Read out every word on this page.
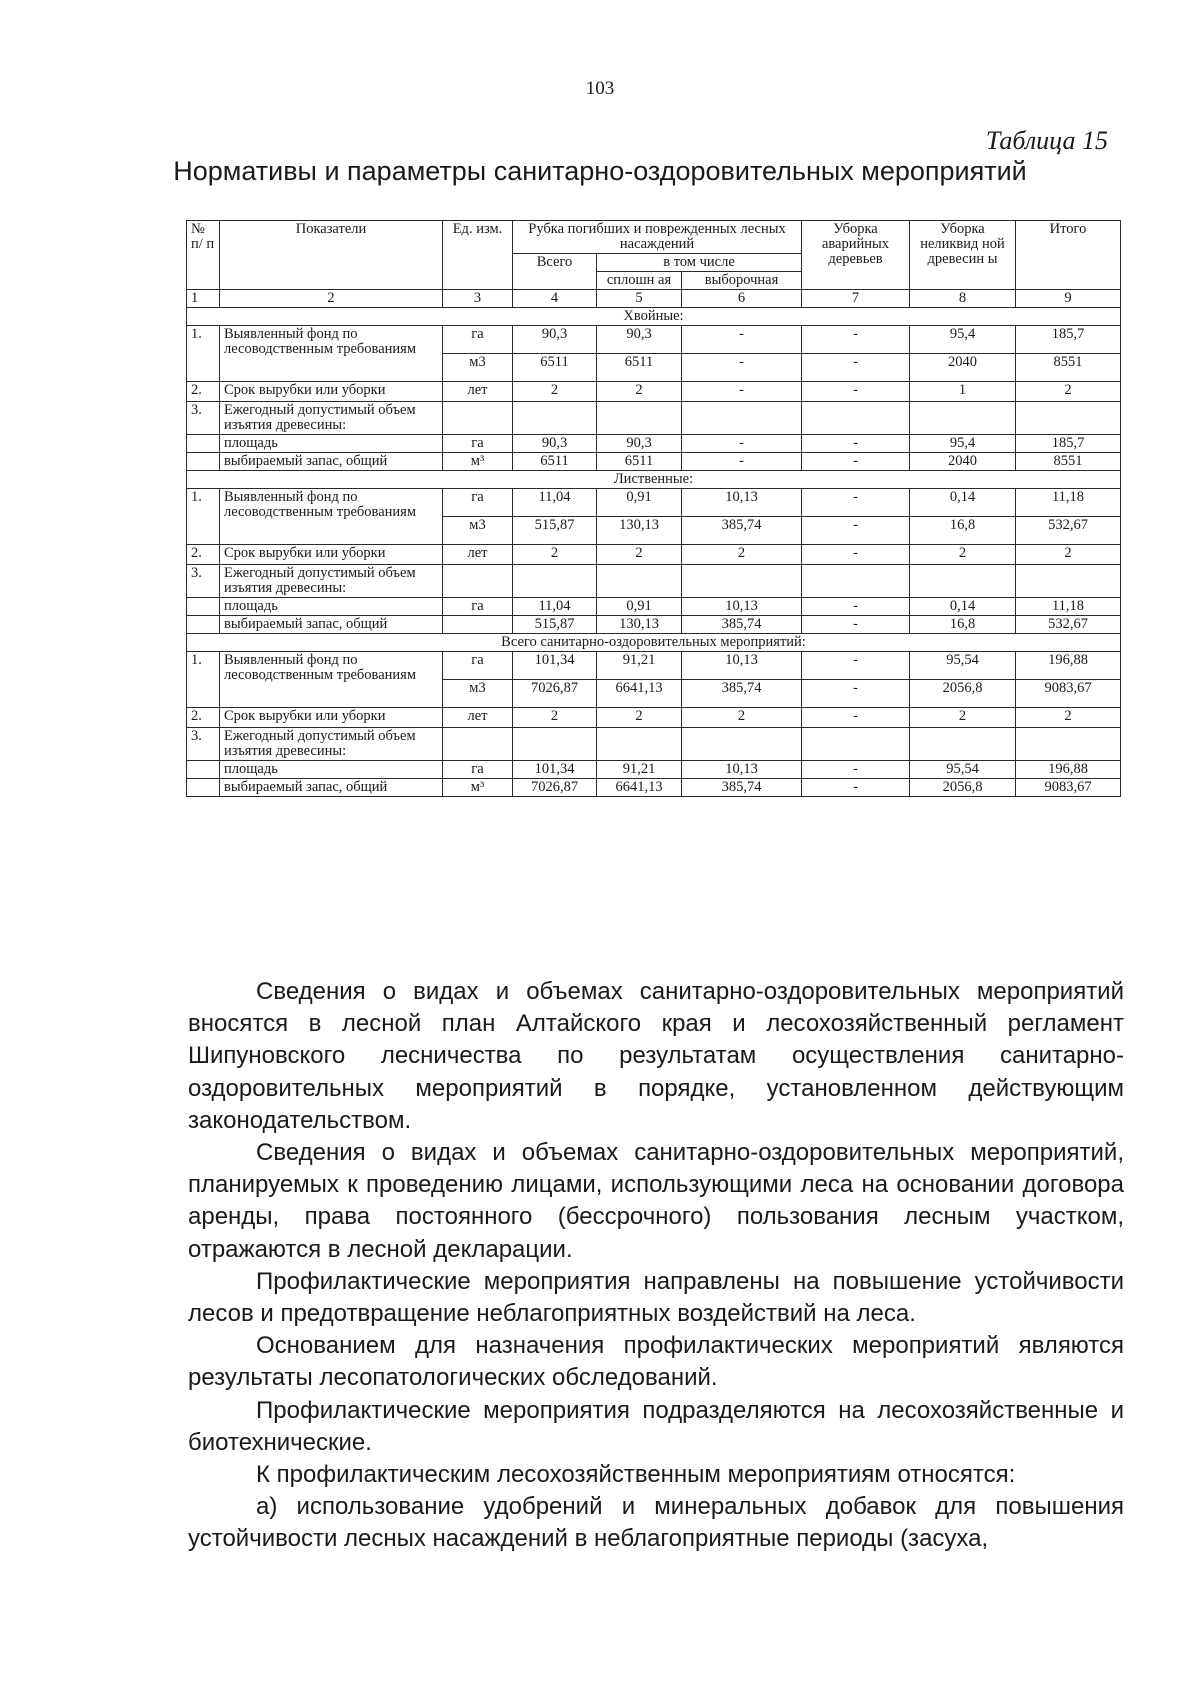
103
Таблица 15
Нормативы и параметры санитарно-оздоровительных мероприятий
№ п/ п	Показатели	Ед. изм.	Рубка погибших и поврежденных лесных насаждений			Уборка аварийных деревьев	Уборка неликвид ной древесин ы	Итого
			Всего	в том числе				
				сплошн ая	выборочная			

1	2	3	4	5	6	7	8	9
Хвойные:								
1.	Выявленный фонд по лесоводственным требованиям	га	90,3	90,3	-	-	95,4	185,7
		м3	6511	6511	-	-	2040	8551
2.	Срок вырубки или уборки	лет	2	2	-	-	1	2
3.	Ежегодный допустимый объем изъятия древесины:							
	площадь	га	90,3	90,3	-	-	95,4	185,7
	выбираемый запас, общий	м³	6511	6511	-	-	2040	8551
Лиственные:								
1.	Выявленный фонд по лесоводственным требованиям	га	11,04	0,91	10,13	-	0,14	11,18
		м3	515,87	130,13	385,74	-	16,8	532,67
2.	Срок вырубки или уборки	лет	2	2	2	-	2	2
3.	Ежегодный допустимый объем изъятия древесины:							
	площадь	га	11,04	0,91	10,13	-	0,14	11,18
	выбираемый запас, общий		515,87	130,13	385,74	-	16,8	532,67
Всего санитарно-оздоровительных мероприятий:								
1.	Выявленный фонд по лесоводственным требованиям	га	101,34	91,21	10,13	-	95,54	196,88
		м3	7026,87	6641,13	385,74	-	2056,8	9083,67
2.	Срок вырубки или уборки	лет	2	2	2	-	2	2
3.	Ежегодный допустимый объем изъятия древесины:							
	площадь	га	101,34	91,21	10,13	-	95,54	196,88
	выбираемый запас, общий	м³	7026,87	6641,13	385,74	-	2056,8	9083,67

Сведения о видах и объемах санитарно-оздоровительных мероприятий вносятся в лесной план Алтайского края и лесохозяйственный регламент Шипуновского лесничества по результатам осуществления санитарно-оздоровительных мероприятий в порядке, установленном действующим законодательством.

Сведения о видах и объемах санитарно-оздоровительных мероприятий, планируемых к проведению лицами, использующими леса на основании договора аренды, права постоянного (бессрочного) пользования лесным участком, отражаются в лесной декларации.

Профилактические мероприятия направлены на повышение устойчивости лесов и предотвращение неблагоприятных воздействий на леса.

Основанием для назначения профилактических мероприятий являются результаты лесопатологических обследований.

Профилактические мероприятия подразделяются на лесохозяйственные и биотехнические.

К профилактическим лесохозяйственным мероприятиям относятся:

а) использование удобрений и минеральных добавок для повышения устойчивости лесных насаждений в неблагоприятные периоды (засуха,
